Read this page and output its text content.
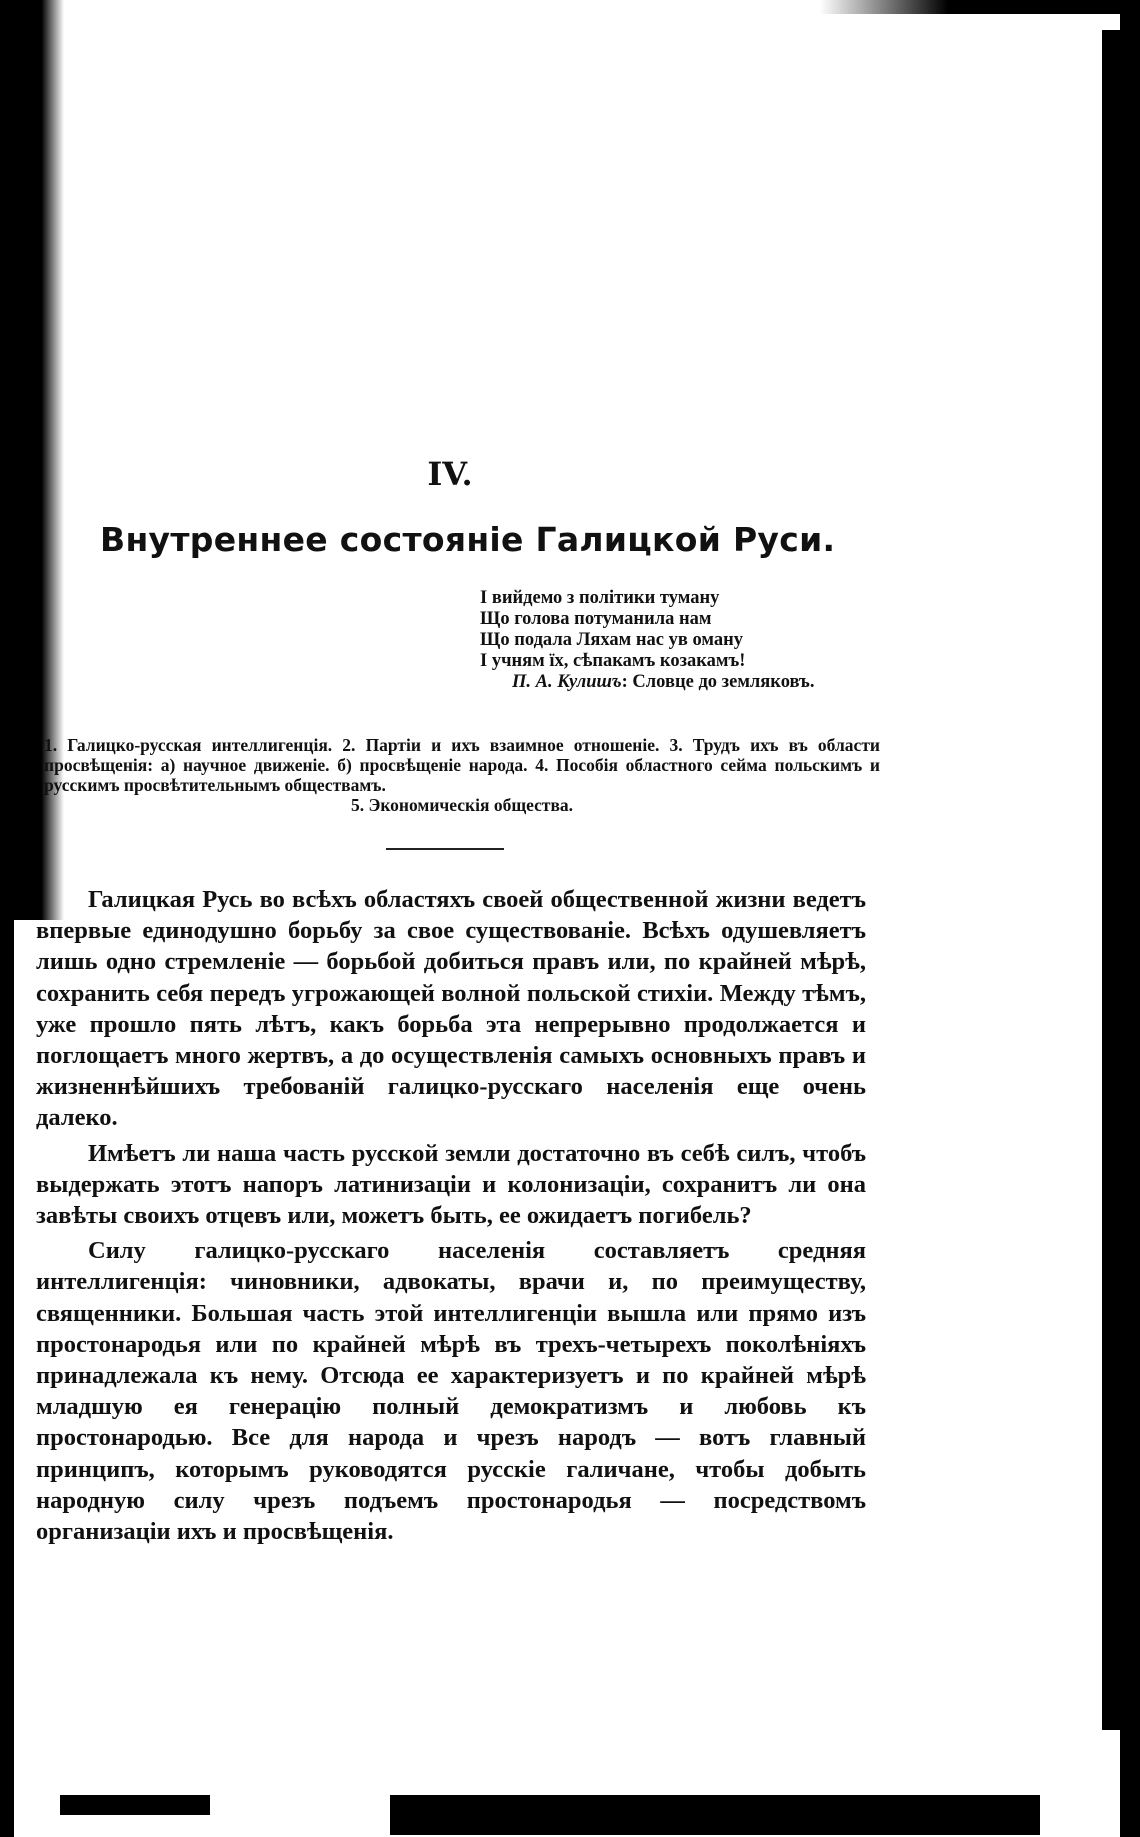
IV.
Внутреннее состояніе Галицкой Руси.
І вийдемо з політики туману
Що голова потуманила нам
Що подала Ляхам нас ув оману
І учням їх, сѣпакамъ козакамъ!
П. А. Кулишъ: Словце до земляковъ.
1. Галицко-русская интеллигенція. 2. Партіи и ихъ взаимное отношеніе. 3. Трудъ ихъ въ области просвѣщенія: а) научное движеніе. б) просвѣщеніе народа. 4. Пособія областного сейма польскимъ и русскимъ просвѣтительнымъ обществамъ.
5. Экономическія общества.

Галицкая Русь во всѣхъ областяхъ своей общественной жизни ведетъ впервые единодушно борьбу за свое существованіе. Всѣхъ одушевляетъ лишь одно стремленіе — борьбой добиться правъ или, по крайней мѣрѣ, сохранить себя передъ угрожающей волной польской стихіи. Между тѣмъ, уже прошло пять лѣтъ, какъ борьба эта непрерывно продолжается и поглощаетъ много жертвъ, а до осуществленія самыхъ основныхъ правъ и жизненнѣйшихъ требованій галицко-русскаго населенія еще очень далеко.

Имѣетъ ли наша часть русской земли достаточно въ себѣ силъ, чтобъ выдержать этотъ напоръ латинизаціи и колонизаціи, сохранитъ ли она завѣты своихъ отцевъ или, можетъ быть, ее ожидаетъ погибель?

Силу галицко-русскаго населенія составляетъ средняя интеллигенція: чиновники, адвокаты, врачи и, по преимуществу, священники. Большая часть этой интеллигенціи вышла или прямо изъ простонародья или по крайней мѣрѣ въ трехъ-четырехъ поколѣніяхъ принадлежала къ нему. Отсюда ее характеризуетъ и по крайней мѣрѣ младшую ея генерацію полный демократизмъ и любовь къ простонародью. Все для народа и чрезъ народъ — вотъ главный принципъ, которымъ руководятся русскіе галичане, чтобы добыть народную силу чрезъ подъемъ простонародья — посредствомъ организаціи ихъ и просвѣщенія.
